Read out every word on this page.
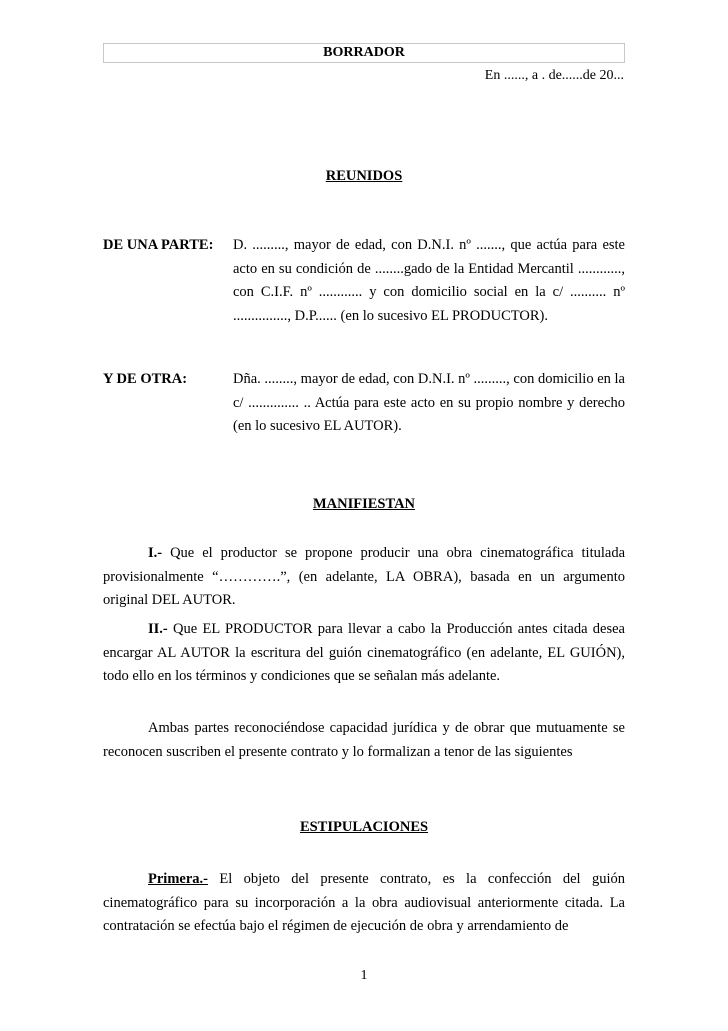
BORRADOR
En ......, a . de......de 20...
REUNIDOS
DE UNA PARTE: D. ........., mayor de edad, con D.N.I. nº ......., que actúa para este acto en su condición de ........gado de la Entidad Mercantil ............, con C.I.F. nº ............ y con domicilio social en la c/ .......... nº ..............., D.P...... (en lo sucesivo EL PRODUCTOR).
Y DE OTRA:	Dña. ........, mayor de edad, con D.N.I. nº ........., con domicilio en la c/ .............. .. Actúa para este acto en su propio nombre y derecho (en lo sucesivo EL AUTOR).
MANIFIESTAN
I.- Que el productor se propone producir una obra cinematográfica titulada provisionalmente “………….”, (en adelante, LA OBRA), basada en un argumento original DEL AUTOR.
II.- Que EL PRODUCTOR para llevar a cabo la Producción antes citada desea encargar AL AUTOR la escritura del guión cinematográfico (en adelante, EL GUIÓN), todo ello en los términos y condiciones que se señalan más adelante.
Ambas partes reconociéndose capacidad jurídica y de obrar que mutuamente se reconocen suscriben el presente contrato y lo formalizan a tenor de las siguientes
ESTIPULACIONES
Primera.- El objeto del presente contrato, es la confección del guión cinematográfico para su incorporación a la obra audiovisual anteriormente citada. La contratación se efectúa bajo el régimen de ejecución de obra y arrendamiento de
1
